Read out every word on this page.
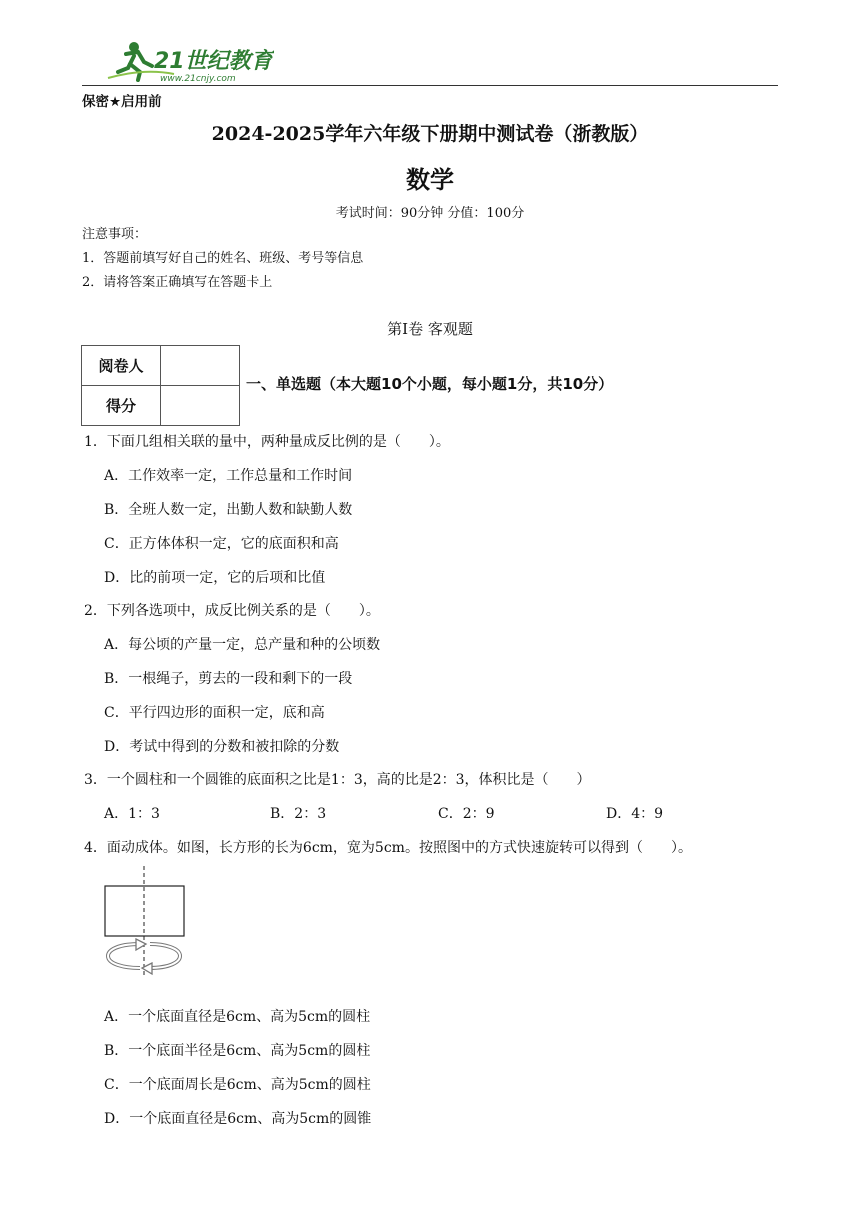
21世纪教育
www.21cnjy.com
保密★启用前
2024-2025学年六年级下册期中测试卷（浙教版）
数学
考试时间：90分钟 分值：100分
注意事项：
1．答题前填写好自己的姓名、班级、考号等信息
2．请将答案正确填写在答题卡上
第Ⅰ卷 客观题
阅卷人	
得分	
一、单选题（本大题10个小题，每小题1分，共10分）
1．下面几组相关联的量中，两种量成反比例的是（　　）。
A．工作效率一定，工作总量和工作时间
B．全班人数一定，出勤人数和缺勤人数
C．正方体体积一定，它的底面积和高
D．比的前项一定，它的后项和比值
2．下列各选项中，成反比例关系的是（　　）。
A．每公顷的产量一定，总产量和种的公顷数
B．一根绳子，剪去的一段和剩下的一段
C．平行四边形的面积一定，底和高
D．考试中得到的分数和被扣除的分数
3．一个圆柱和一个圆锥的底面积之比是1：3，高的比是2：3，体积比是（　　）
A．1：3	B．2：3	C．2：9	D．4：9
4．面动成体。如图，长方形的长为6cm，宽为5cm。按照图中的方式快速旋转可以得到（　　）。
A．一个底面直径是6cm、高为5cm的圆柱
B．一个底面半径是6cm、高为5cm的圆柱
C．一个底面周长是6cm、高为5cm的圆柱
D．一个底面直径是6cm、高为5cm的圆锥
